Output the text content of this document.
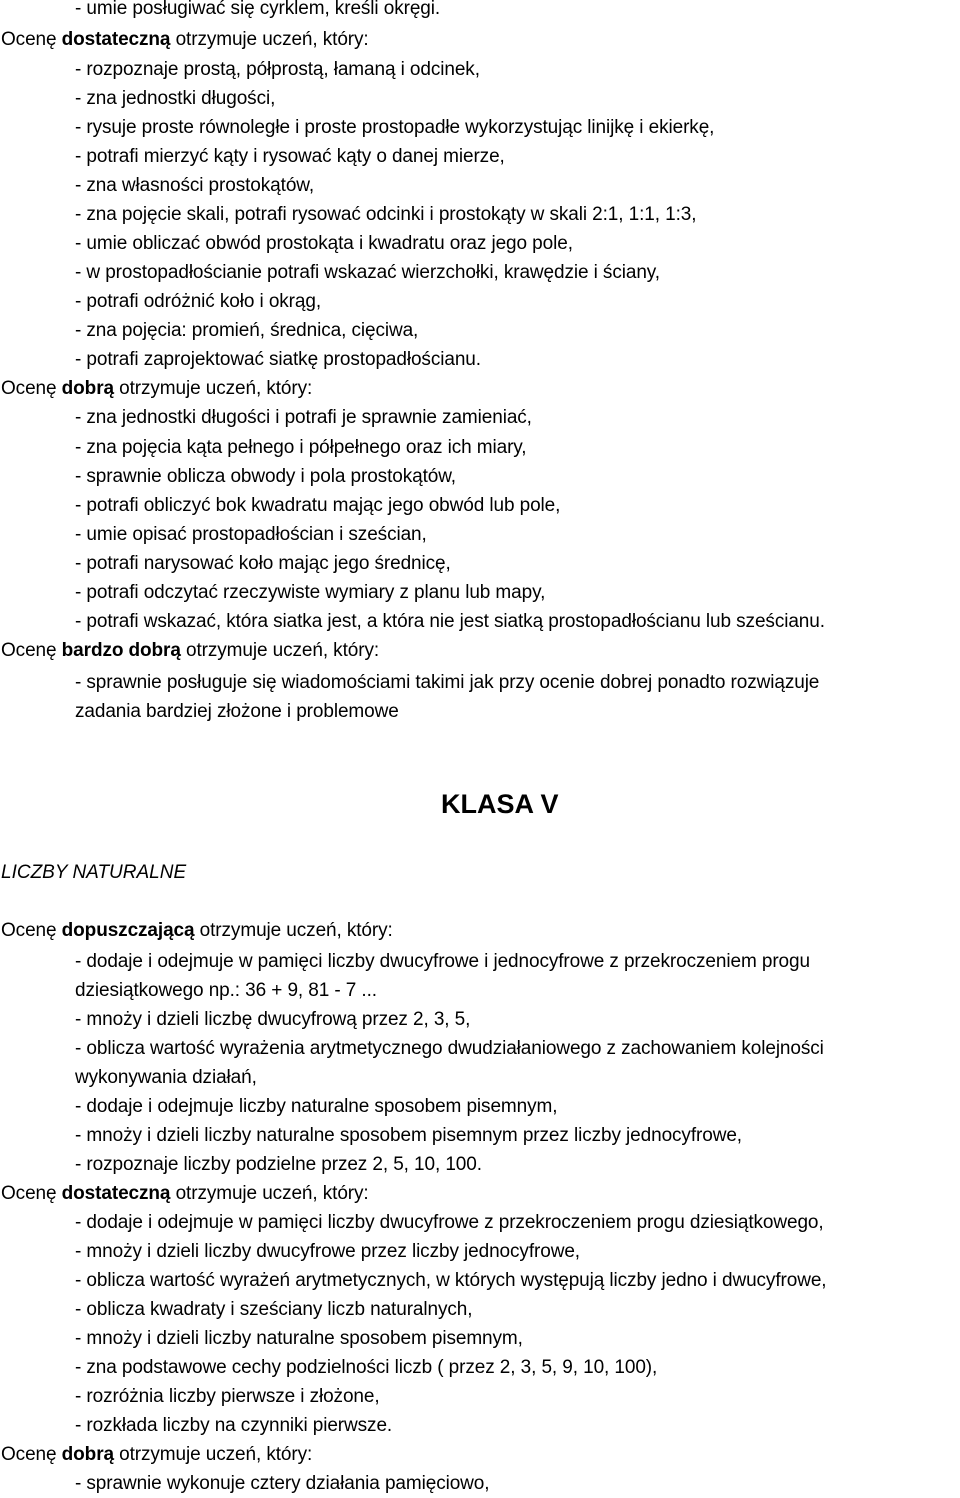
- umie posługiwać się cyrklem, kreśli okręgi.
Ocenę dostateczną otrzymuje uczeń, który:
- rozpoznaje prostą, półprostą, łamaną i odcinek,
- zna jednostki długości,
- rysuje proste równoległe i proste prostopadłe wykorzystując linijkę i ekierkę,
- potrafi mierzyć kąty i rysować kąty o danej mierze,
- zna własności prostokątów,
- zna pojęcie skali, potrafi rysować odcinki i prostokąty w skali 2:1, 1:1, 1:3,
- umie obliczać obwód prostokąta i kwadratu oraz jego pole,
- w prostopadłościanie potrafi wskazać wierzchołki, krawędzie i ściany,
- potrafi odróżnić koło i okrąg,
- zna pojęcia: promień, średnica, cięciwa,
- potrafi zaprojektować siatkę prostopadłościanu.
Ocenę dobrą otrzymuje uczeń, który:
- zna jednostki długości i potrafi je sprawnie zamieniać,
- zna pojęcia kąta pełnego i półpełnego oraz ich miary,
- sprawnie oblicza obwody i pola prostokątów,
- potrafi obliczyć bok kwadratu mając jego obwód lub pole,
- umie opisać prostopadłościan i sześcian,
- potrafi narysować koło mając jego średnicę,
- potrafi odczytać rzeczywiste wymiary z planu lub mapy,
- potrafi wskazać, która siatka jest, a która nie jest siatką prostopadłościanu lub sześcianu.
Ocenę bardzo dobrą otrzymuje uczeń, który:
- sprawnie posługuje się wiadomościami takimi jak przy ocenie dobrej ponadto rozwiązuje
zadania bardziej złożone i problemowe
KLASA V
LICZBY NATURALNE
Ocenę dopuszczającą otrzymuje uczeń, który:
- dodaje i odejmuje w pamięci liczby dwucyfrowe i jednocyfrowe z przekroczeniem progu
dziesiątkowego np.: 36 + 9, 81 - 7 ...
- mnoży i dzieli liczbę dwucyfrową przez 2, 3, 5,
- oblicza wartość wyrażenia arytmetycznego dwudziałaniowego z zachowaniem kolejności
wykonywania działań,
- dodaje i odejmuje liczby naturalne sposobem pisemnym,
- mnoży i dzieli liczby naturalne sposobem pisemnym przez liczby jednocyfrowe,
- rozpoznaje liczby podzielne przez 2, 5, 10, 100.
Ocenę dostateczną otrzymuje uczeń, który:
- dodaje i odejmuje w pamięci liczby dwucyfrowe z przekroczeniem progu dziesiątkowego,
- mnoży i dzieli liczby dwucyfrowe przez liczby jednocyfrowe,
- oblicza wartość wyrażeń arytmetycznych, w których występują liczby jedno i dwucyfrowe,
- oblicza kwadraty i sześciany liczb naturalnych,
- mnoży i dzieli liczby naturalne sposobem pisemnym,
- zna podstawowe cechy podzielności liczb ( przez 2, 3, 5, 9, 10, 100),
- rozróżnia liczby pierwsze i złożone,
- rozkłada liczby na czynniki pierwsze.
Ocenę dobrą otrzymuje uczeń, który:
- sprawnie wykonuje cztery działania pamięciowo,
